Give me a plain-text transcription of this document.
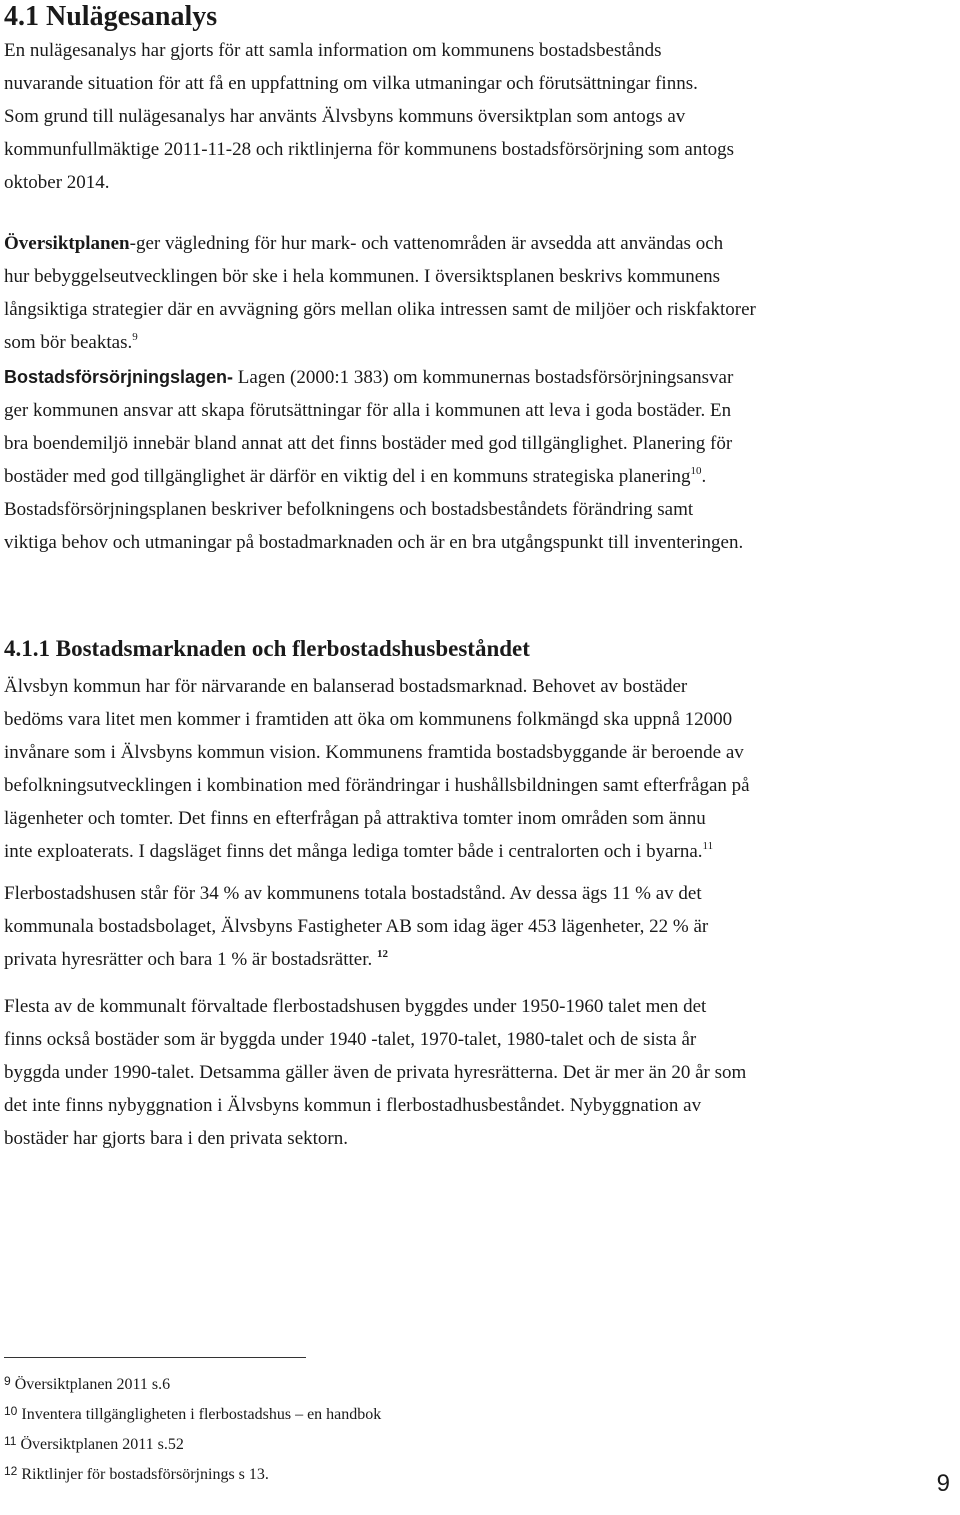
4.1 Nulägesanalys
En nulägesanalys har gjorts för att samla information om kommunens bostadsbestånds
nuvarande situation för att få en uppfattning om vilka utmaningar och förutsättningar finns.
Som grund till nulägesanalys har använts Älvsbyns kommuns översiktplan som antogs av
kommunfullmäktige 2011-11-28 och riktlinjerna för kommunens bostadsförsörjning som antogs
oktober 2014.
Översiktplanen-ger vägledning för hur mark- och vattenområden är avsedda att användas och
hur bebyggelseutvecklingen bör ske i hela kommunen. I översiktsplanen beskrivs kommunens
långsiktiga strategier där en avvägning görs mellan olika intressen samt de miljöer och riskfaktorer
som bör beaktas.$^9$
Bostadsförsörjningslagen- Lagen (2000:1 383) om kommunernas bostadsförsörjningsansvar
ger kommunen ansvar att skapa förutsättningar för alla i kommunen att leva i goda bostäder. En
bra boendemiljö innebär bland annat att det finns bostäder med god tillgänglighet. Planering för
bostäder med god tillgänglighet är därför en viktig del i en kommuns strategiska planering$^{10}$.
Bostadsförsörjningsplanen beskriver befolkningens och bostadsbeståndets förändring samt
viktiga behov och utmaningar på bostadmarknaden och är en bra utgångspunkt till inventeringen.
4.1.1 Bostadsmarknaden och flerbostadshusbeståndet
Älvsbyn kommun har för närvarande en balanserad bostadsmarknad. Behovet av bostäder
bedöms vara litet men kommer i framtiden att öka om kommunens folkmängd ska uppnå 12000
invånare som i Älvsbyns kommun vision. Kommunens framtida bostadsbyggande är beroende av
befolkningsutvecklingen i kombination med förändringar i hushållsbildningen samt efterfrågan på
lägenheter och tomter. Det finns en efterfrågan på attraktiva tomter inom områden som ännu
inte exploaterats. I dagsläget finns det många lediga tomter både i centralorten och i byarna.$^{11}$
Flerbostadshusen står för 34 % av kommunens totala bostadstånd. Av dessa ägs 11 % av det
kommunala bostadsbolaget, Älvsbyns Fastigheter AB som idag äger 453 lägenheter, 22 % är
privata hyresrätter och bara 1 % är bostadsrätter. $^{12}$
Flesta av de kommunalt förvaltade flerbostadshusen byggdes under 1950-1960 talet men det
finns också bostäder som är byggda under 1940 -talet, 1970-talet, 1980-talet och de sista år
byggda under 1990-talet. Detsamma gäller även de privata hyresrätterna. Det är mer än 20 år som
det inte finns nybyggnation i Älvsbyns kommun i flerbostadhusbeståndet. Nybyggnation av
bostäder har gjorts bara i den privata sektorn.
$^9$ Översiktplanen 2011 s.6
$^{10}$ Inventera tillgängligheten i flerbostadshus – en handbok
$^{11}$ Översiktplanen 2011 s.52
$^{12}$ Riktlinjer för bostadsförsörjnings s 13.	9
